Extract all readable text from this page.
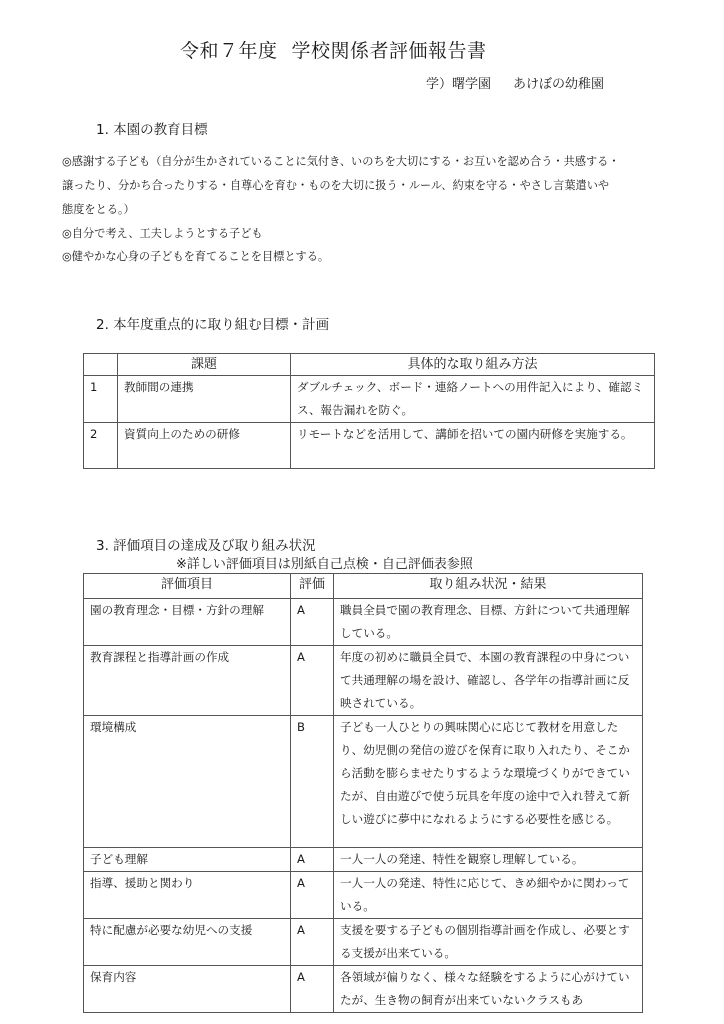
令和７年度 学校関係者評価報告書
学）曙学園 あけぼの幼稚園
1. 本園の教育目標
◎感謝する子ども（自分が生かされていることに気付き、いのちを大切にする・お互いを認め合う・共感する・
譲ったり、分かち合ったりする・自尊心を育む・ものを大切に扱う・ルール、約束を守る・やさし言葉遣いや
態度をとる。）
◎自分で考え、工夫しようとする子ども
◎健やかな心身の子どもを育てることを目標とする。
2. 本年度重点的に取り組む目標・計画
	課題	具体的な取り組み方法
1	教師間の連携	ダブルチェック、ボード・連絡ノートへの用件記入により、確認ミス、報告漏れを防ぐ。
2	資質向上のための研修	リモートなどを活用して、講師を招いての園内研修を実施する。
3. 評価項目の達成及び取り組み状況
※詳しい評価項目は別紙自己点検・自己評価表参照
評価項目	評価	取り組み状況・結果
園の教育理念・目標・方針の理解	A	職員全員で園の教育理念、目標、方針について共通理解している。
教育課程と指導計画の作成	A	年度の初めに職員全員で、本園の教育課程の中身について共通理解の場を設け、確認し、各学年の指導計画に反映されている。
環境構成	B	子ども一人ひとりの興味関心に応じて教材を用意したり、幼児側の発信の遊びを保育に取り入れたり、そこから活動を膨らませたりするような環境づくりができていたが、自由遊びで使う玩具を年度の途中で入れ替えて新しい遊びに夢中になれるようにする必要性を感じる。
子ども理解	A	一人一人の発達、特性を観察し理解している。
指導、援助と関わり	A	一人一人の発達、特性に応じて、きめ細やかに関わっている。
特に配慮が必要な幼児への支援	A	支援を要する子どもの個別指導計画を作成し、必要とする支援が出来ている。
保育内容	A	各領域が偏りなく、様々な経験をするように心がけていたが、生き物の飼育が出来ていないクラスもあ
